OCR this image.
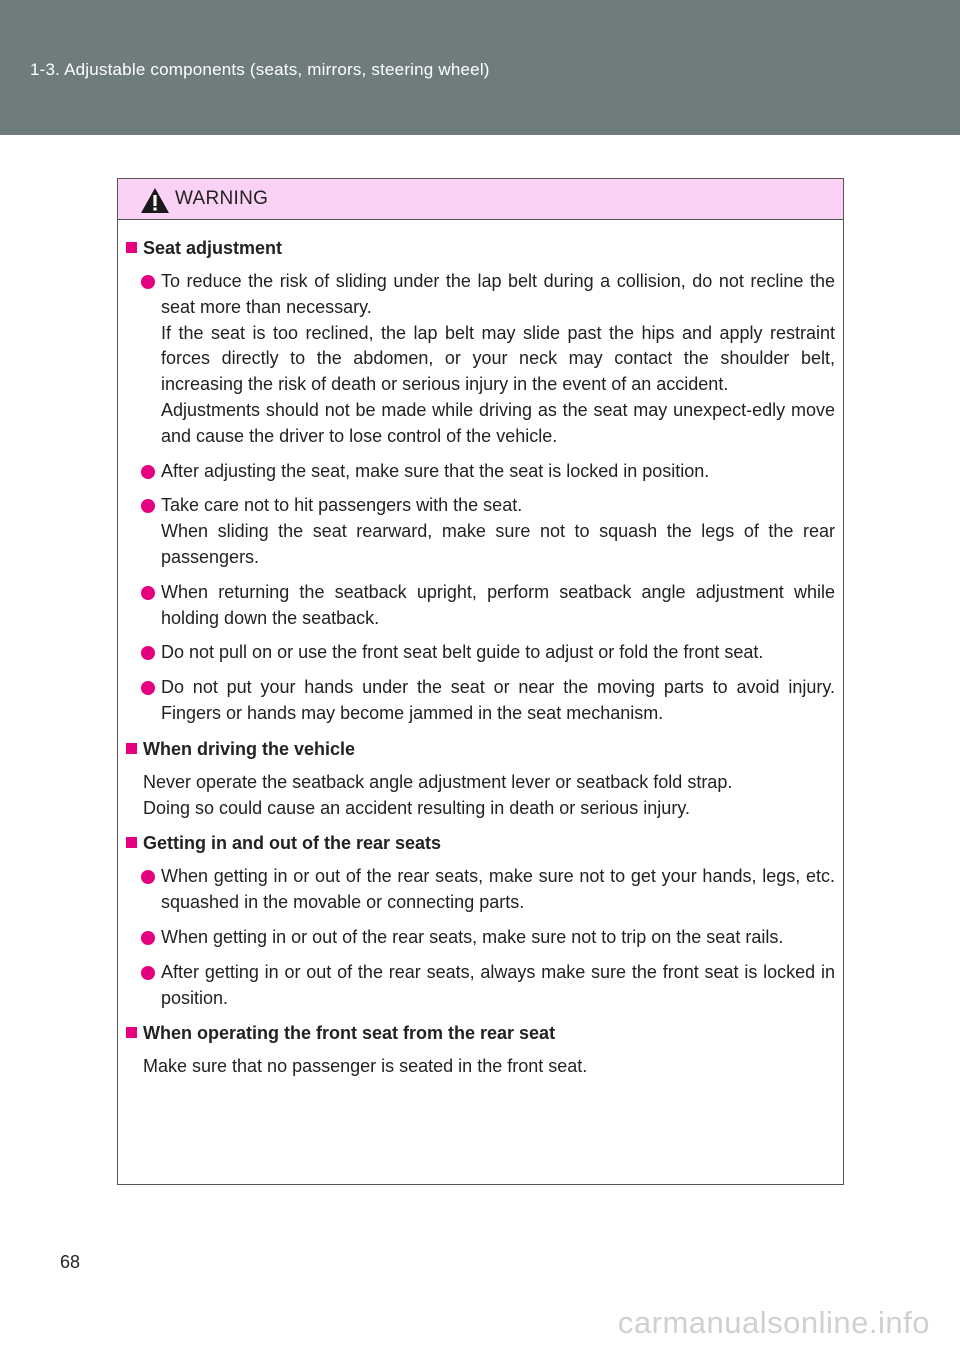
1-3. Adjustable components (seats, mirrors, steering wheel)
WARNING
Seat adjustment
To reduce the risk of sliding under the lap belt during a collision, do not recline the seat more than necessary.
If the seat is too reclined, the lap belt may slide past the hips and apply restraint forces directly to the abdomen, or your neck may contact the shoulder belt, increasing the risk of death or serious injury in the event of an accident.
Adjustments should not be made while driving as the seat may unexpect-edly move and cause the driver to lose control of the vehicle.
After adjusting the seat, make sure that the seat is locked in position.
Take care not to hit passengers with the seat.
When sliding the seat rearward, make sure not to squash the legs of the rear passengers.
When returning the seatback upright, perform seatback angle adjustment while holding down the seatback.
Do not pull on or use the front seat belt guide to adjust or fold the front seat.
Do not put your hands under the seat or near the moving parts to avoid injury. Fingers or hands may become jammed in the seat mechanism.
When driving the vehicle
Never operate the seatback angle adjustment lever or seatback fold strap.
Doing so could cause an accident resulting in death or serious injury.
Getting in and out of the rear seats
When getting in or out of the rear seats, make sure not to get your hands, legs, etc. squashed in the movable or connecting parts.
When getting in or out of the rear seats, make sure not to trip on the seat rails.
After getting in or out of the rear seats, always make sure the front seat is locked in position.
When operating the front seat from the rear seat
Make sure that no passenger is seated in the front seat.
68
carmanualsonline.info
